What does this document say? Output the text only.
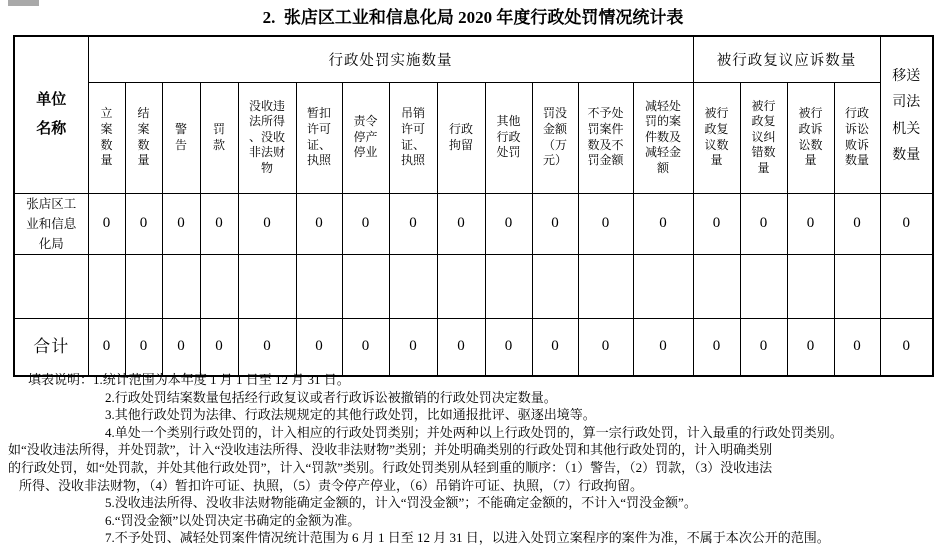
2.  张店区工业和信息化局 2020 年度行政处罚情况统计表
单位名称	行政处罚实施数量													被行政复议应诉数量				移送司法机关数量
	立案数量	结案数量	警告	罚款	没收违法所得、没收非法财物	暂扣许可证、执照	责令停产停业	吊销许可证、执照	行政拘留	其他行政处罚	罚没金额（万元）	不予处罚案件数及不罚金额	减轻处罚的案件数及减轻金额	被行政复议数量	被行政复议纠错数量	被行政诉讼数量	行政诉讼败诉数量	
张店区工业和信息化局	0	0	0	0	0	0	0	0	0	0	0	0	0	0	0	0	0	0

合计	0	0	0	0	0	0	0	0	0	0	0	0	0	0	0	0	0	0
填表说明：1.统计范围为本年度 1 月 1 日至 12 月 31 日。
2.行政处罚结案数量包括经行政复议或者行政诉讼被撤销的行政处罚决定数量。
3.其他行政处罚为法律、行政法规规定的其他行政处罚，比如通报批评、驱逐出境等。
4.单处一个类别行政处罚的，计入相应的行政处罚类别；并处两种以上行政处罚的，算一宗行政处罚，计入最重的行政处罚类别。
如“没收违法所得，并处罚款”，计入“没收违法所得、没收非法财物”类别；并处明确类别的行政处罚和其他行政处罚的，计入明确类别
的行政处罚，如“处罚款，并处其他行政处罚”，计入“罚款”类别。行政处罚类别从轻到重的顺序：（1）警告，（2）罚款，（3）没收违法
所得、没收非法财物，（4）暂扣许可证、执照，（5）责令停产停业，（6）吊销许可证、执照，（7）行政拘留。
5.没收违法所得、没收非法财物能确定金额的，计入“罚没金额”；不能确定金额的，不计入“罚没金额”。
6.“罚没金额”以处罚决定书确定的金额为准。
7.不予处罚、减轻处罚案件情况统计范围为 6 月 1 日至 12 月 31 日，以进入处罚立案程序的案件为准，不属于本次公开的范围。
